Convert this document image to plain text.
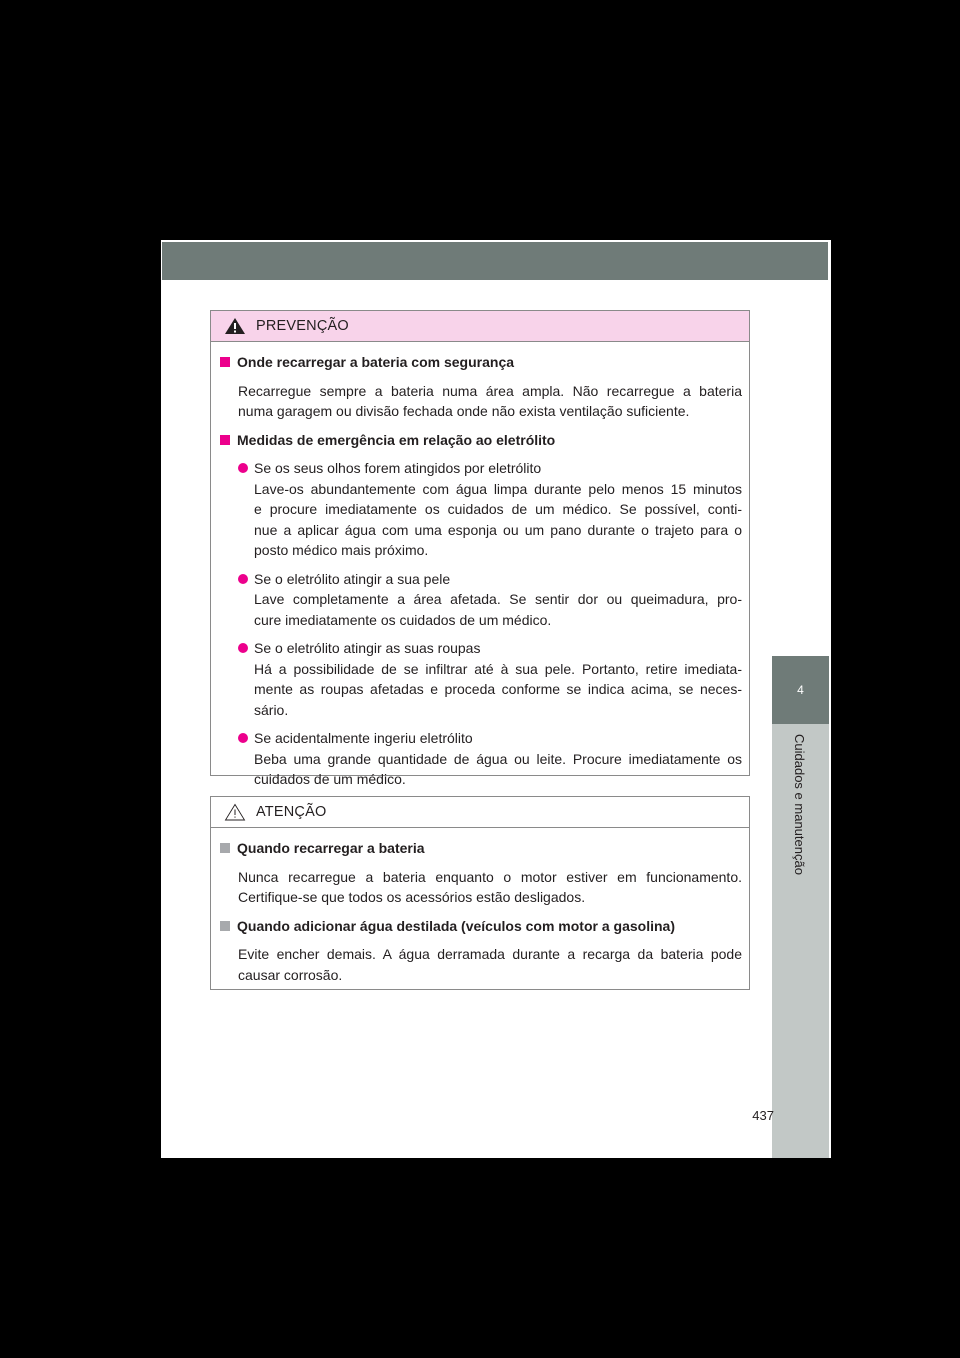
4
Cuidados e manutenção
PREVENÇÃO
Onde recarregar a bateria com segurança
Recarregue sempre a bateria numa área ampla. Não recarregue a bateria
numa garagem ou divisão fechada onde não exista ventilação suficiente.
Medidas de emergência em relação ao eletrólito
Se os seus olhos forem atingidos por eletrólito
Lave-os abundantemente com água limpa durante pelo menos 15 minutos
e procure imediatamente os cuidados de um médico. Se possível, conti-
nue a aplicar água com uma esponja ou um pano durante o trajeto para o
posto médico mais próximo.
Se o eletrólito atingir a sua pele
Lave completamente a área afetada. Se sentir dor ou queimadura, pro-
cure imediatamente os cuidados de um médico.
Se o eletrólito atingir as suas roupas
Há a possibilidade de se infiltrar até à sua pele. Portanto, retire imediata-
mente as roupas afetadas e proceda conforme se indica acima, se neces-
sário.
Se acidentalmente ingeriu eletrólito
Beba uma grande quantidade de água ou leite. Procure imediatamente os
cuidados de um médico.
ATENÇÃO
Quando recarregar a bateria
Nunca recarregue a bateria enquanto o motor estiver em funcionamento.
Certifique-se que todos os acessórios estão desligados.
Quando adicionar água destilada (veículos com motor a gasolina)
Evite encher demais. A água derramada durante a recarga da bateria pode
causar corrosão.
437
